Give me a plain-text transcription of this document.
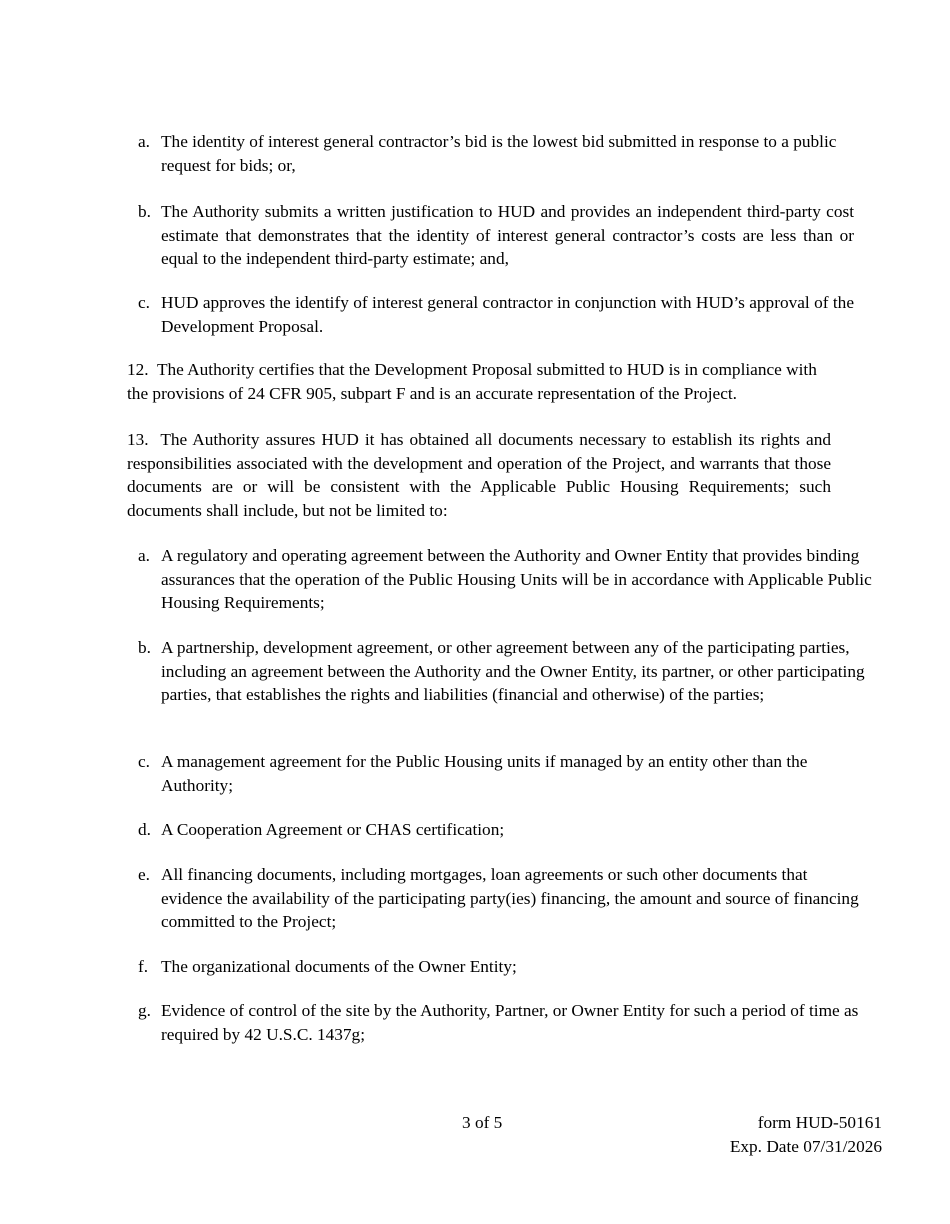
a. The identity of interest general contractor’s bid is the lowest bid submitted in response to a public request for bids; or,
b. The Authority submits a written justification to HUD and provides an independent third-party cost estimate that demonstrates that the identity of interest general contractor’s costs are less than or equal to the independent third-party estimate; and,
c. HUD approves the identify of interest general contractor in conjunction with HUD’s approval of the Development Proposal.

12. The Authority certifies that the Development Proposal submitted to HUD is in compliance with the provisions of 24 CFR 905, subpart F and is an accurate representation of the Project.

13. The Authority assures HUD it has obtained all documents necessary to establish its rights and responsibilities associated with the development and operation of the Project, and warrants that those documents are or will be consistent with the Applicable Public Housing Requirements; such documents shall include, but not be limited to:

a. A regulatory and operating agreement between the Authority and Owner Entity that provides binding assurances that the operation of the Public Housing Units will be in accordance with Applicable Public Housing Requirements;
b. A partnership, development agreement, or other agreement between any of the participating parties, including an agreement between the Authority and the Owner Entity, its partner, or other participating parties, that establishes the rights and liabilities (financial and otherwise) of the parties;
c. A management agreement for the Public Housing units if managed by an entity other than the Authority;
d. A Cooperation Agreement or CHAS certification;
e. All financing documents, including mortgages, loan agreements or such other documents that evidence the availability of the participating party(ies) financing, the amount and source of financing committed to the Project;
f. The organizational documents of the Owner Entity;
g. Evidence of control of the site by the Authority, Partner, or Owner Entity for such a period of time as required by 42 U.S.C. 1437g;
3 of 5	form HUD-50161
Exp. Date 07/31/2026
